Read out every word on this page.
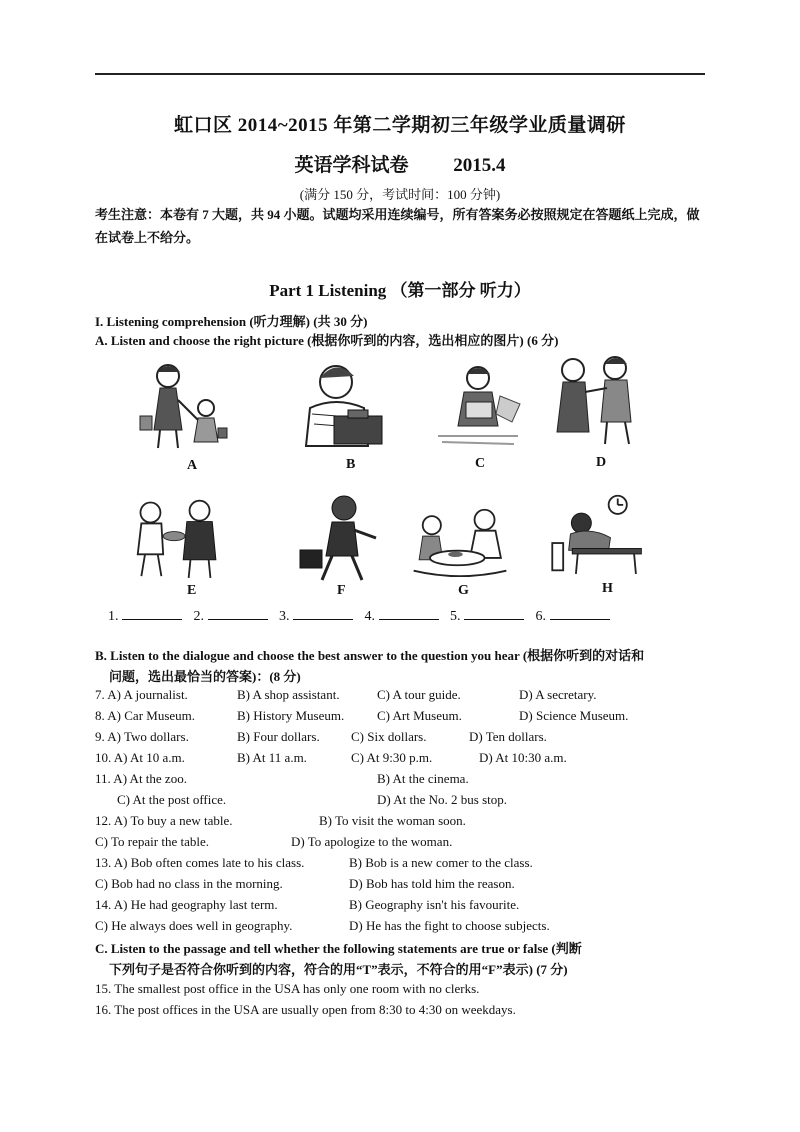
虹口区 2014~2015 年第二学期初三年级学业质量调研
英语学科试卷 2015.4
(满分 150 分，考试时间：100 分钟)
考生注意：本卷有 7 大题，共 94 小题。试题均采用连续编号，所有答案务必按照规定在答题纸上完成，做在试卷上不给分。
Part 1 Listening （第一部分 听力）
I. Listening comprehension (听力理解) (共 30 分)
A. Listen and choose the right picture (根据你听到的内容，选出相应的图片) (6 分)
A	B	C	D
E	F	G	H
1.	2.	3.	4.	5.	6.
B. Listen to the dialogue and choose the best answer to the question you hear (根据你听到的对话和
问题，选出最恰当的答案)：(8 分)
7. A) A journalist.	B) A shop assistant.	C) A tour guide.	D) A secretary.
8. A) Car Museum.	B) History Museum.	C) Art Museum.	D) Science Museum.
9. A) Two dollars.	B) Four dollars. C) Six dollars.	D) Ten dollars.
10. A) At 10 a.m.	B) At 11 a.m.	C) At 9:30 p.m.	D) At 10:30 a.m.
11. A) At the zoo.	B) At the cinema.
C) At the post office.	D) At the No. 2 bus stop.
12. A) To buy a new table.	B) To visit the woman soon.
C) To repair the table.	D) To apologize to the woman.
13. A) Bob often comes late to his class.	B) Bob is a new comer to the class.
C) Bob had no class in the morning.	D) Bob has told him the reason.
14. A) He had geography last term.	B) Geography isn't his favourite.
C) He always does well in geography.	D) He has the fight to choose subjects.
C. Listen to the passage and tell whether the following statements are true or false (判断
下列句子是否符合你听到的内容，符合的用“T”表示，不符合的用“F”表示) (7 分)
15. The smallest post office in the USA has only one room with no clerks.
16. The post offices in the USA are usually open from 8:30 to 4:30 on weekdays.
